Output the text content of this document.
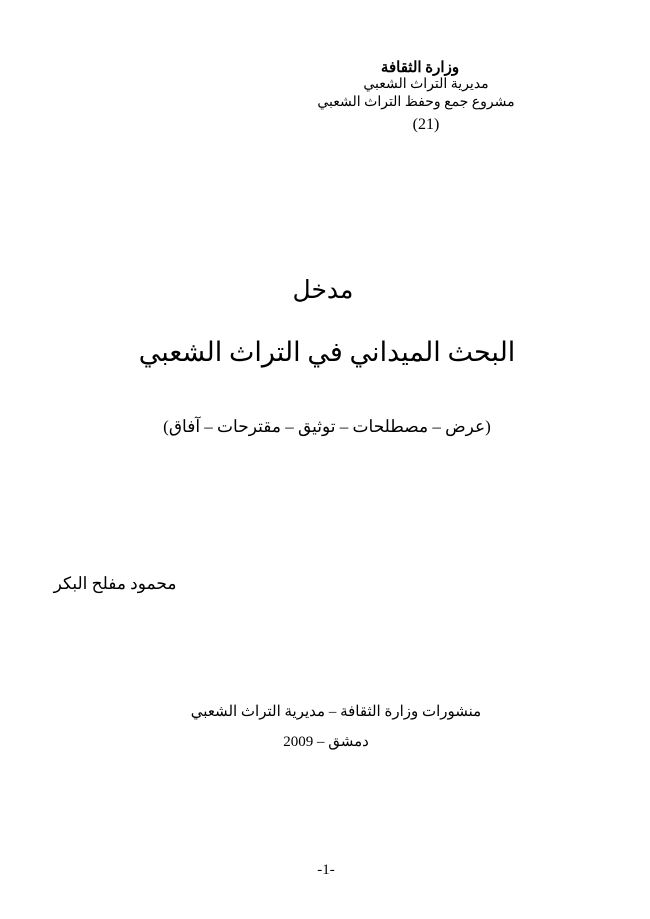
وزارة الثقافة
مديرية التراث الشعبي
مشروع جمع وحفظ التراث الشعبي
(21)
مدخل
البحث الميداني في التراث الشعبي
(عرض – مصطلحات – توثيق – مقترحات – آفاق)
محمود مفلح البكر
منشورات وزارة الثقافة – مديرية التراث الشعبي
دمشق – 2009
-1-
